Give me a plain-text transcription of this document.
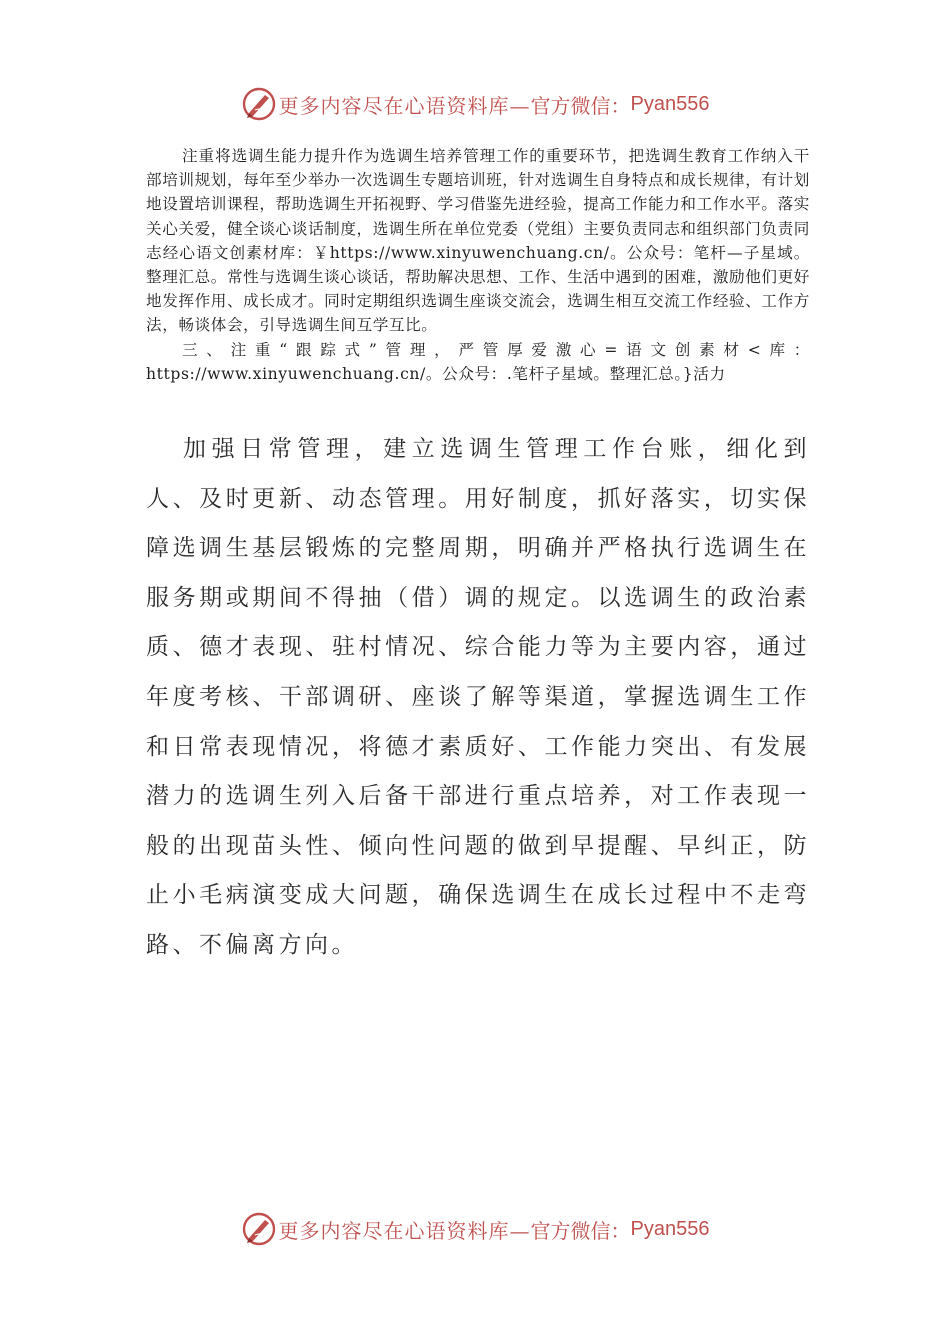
更多内容尽在心语资料库— 官方微信： Pyan556

注重将选调生能力提升作为选调生培养管理工作的重要环节，把选调生教育工作纳入干部培训规划，每年至少举办一次选调生专题培训班，针对选调生自身特点和成长规律，有计划地设置培训课程，帮助选调生开拓视野、学习借鉴先进经验，提高工作能力和工作水平。落实关心关爱，健全谈心谈话制度，选调生所在单位党委（党组）主要负责同志和组织部门负责同志经心语文创素材库：￥https://www.xinyuwenchuang.cn/。公众号：笔杆—子星域。整理汇总。常性与选调生谈心谈话，帮助解决思想、工作、生活中遇到的困难，激励他们更好地发挥作用、成长成才。同时定期组织选调生座谈交流会，选调生相互交流工作经验、工作方法，畅谈体会，引导选调生间互学互比。

三、注重“跟踪式”管理，严管厚爱激心=语文创素材<库：https://www.xinyuwenchuang.cn/。公众号：.笔杆子星域。整理汇总。}活力

加强日常管理，建立选调生管理工作台账，细化到人、及时更新、动态管理。用好制度，抓好落实，切实保障选调生基层锻炼的完整周期，明确并严格执行选调生在服务期或期间不得抽（借）调的规定。以选调生的政治素质、德才表现、驻村情况、综合能力等为主要内容，通过年度考核、干部调研、座谈了解等渠道，掌握选调生工作和日常表现情况，将德才素质好、工作能力突出、有发展潜力的选调生列入后备干部进行重点培养，对工作表现一般的出现苗头性、倾向性问题的做到早提醒、早纠正，防止小毛病演变成大问题，确保选调生在成长过程中不走弯路、不偏离方向。

更多内容尽在心语资料库— 官方微信： Pyan556
